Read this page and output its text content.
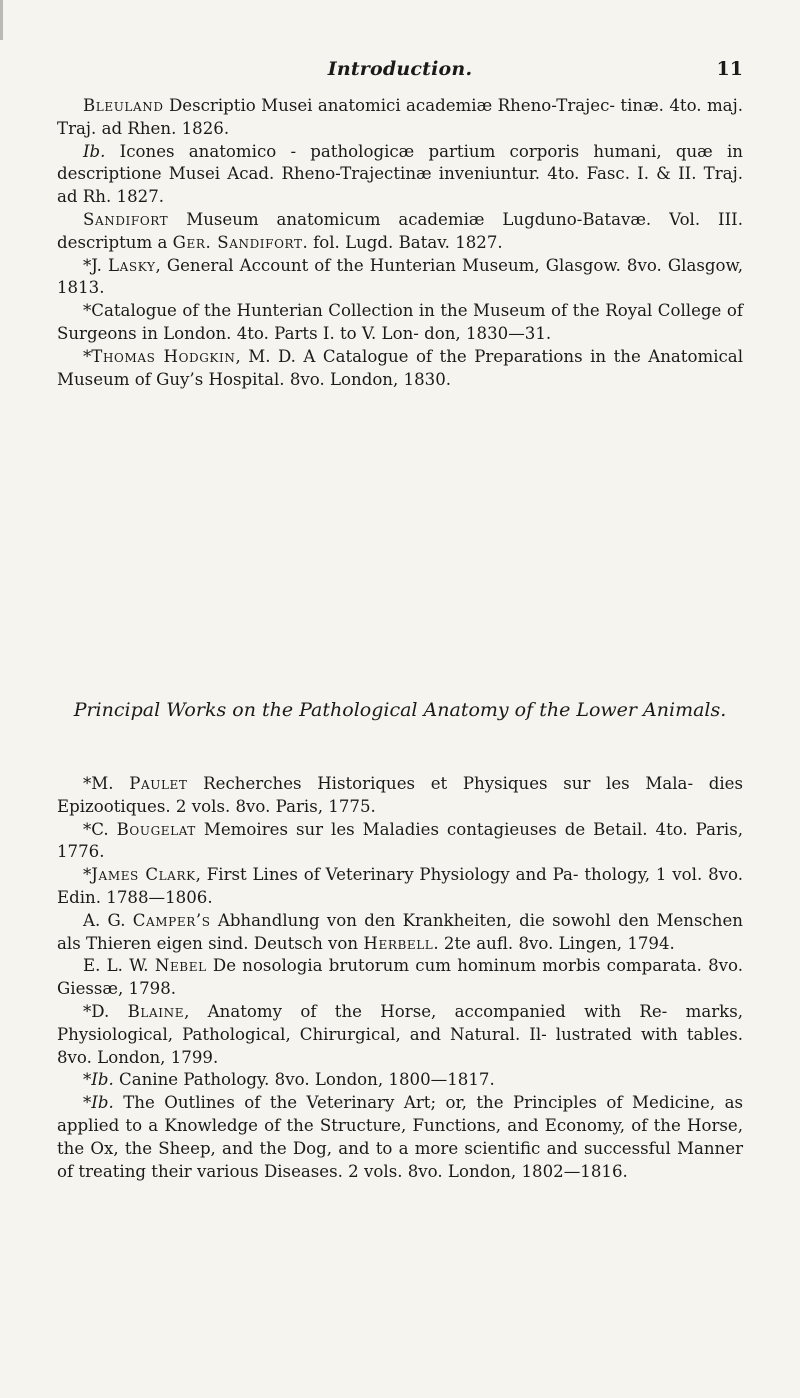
Introduction.	11

Bleuland Descriptio Musei anatomici academiæ Rheno-Trajec- tinæ. 4to. maj. Traj. ad Rhen. 1826.

Ib. Icones anatomico - pathologicæ partium corporis humani, quæ in descriptione Musei Acad. Rheno-Trajectinæ inveniuntur. 4to. Fasc. I. & II. Traj. ad Rh. 1827.

Sandifort Museum anatomicum academiæ Lugduno-Batavæ. Vol. III. descriptum a Ger. Sandifort. fol. Lugd. Batav. 1827.

*J. Lasky, General Account of the Hunterian Museum, Glasgow. 8vo. Glasgow, 1813.

*Catalogue of the Hunterian Collection in the Museum of the Royal College of Surgeons in London. 4to. Parts I. to V. Lon- don, 1830—31.

*Thomas Hodgkin, M. D. A Catalogue of the Preparations in the Anatomical Museum of Guy’s Hospital. 8vo. London, 1830.

Principal Works on the Pathological Anatomy of the Lower Animals.

*M. Paulet Recherches Historiques et Physiques sur les Mala- dies Epizootiques. 2 vols. 8vo. Paris, 1775.

*C. Bougelat Memoires sur les Maladies contagieuses de Betail. 4to. Paris, 1776.

*James Clark, First Lines of Veterinary Physiology and Pa- thology, 1 vol. 8vo. Edin. 1788—1806.

A. G. Camper’s Abhandlung von den Krankheiten, die sowohl den Menschen als Thieren eigen sind. Deutsch von Herbell. 2te aufl. 8vo. Lingen, 1794.

E. L. W. Nebel De nosologia brutorum cum hominum morbis comparata. 8vo. Giessæ, 1798.

*D. Blaine, Anatomy of the Horse, accompanied with Re- marks, Physiological, Pathological, Chirurgical, and Natural. Il- lustrated with tables. 8vo. London, 1799.

*Ib. Canine Pathology. 8vo. London, 1800—1817.

*Ib. The Outlines of the Veterinary Art; or, the Principles of Medicine, as applied to a Knowledge of the Structure, Functions, and Economy, of the Horse, the Ox, the Sheep, and the Dog, and to a more scientific and successful Manner of treating their various Diseases. 2 vols. 8vo. London, 1802—1816.
